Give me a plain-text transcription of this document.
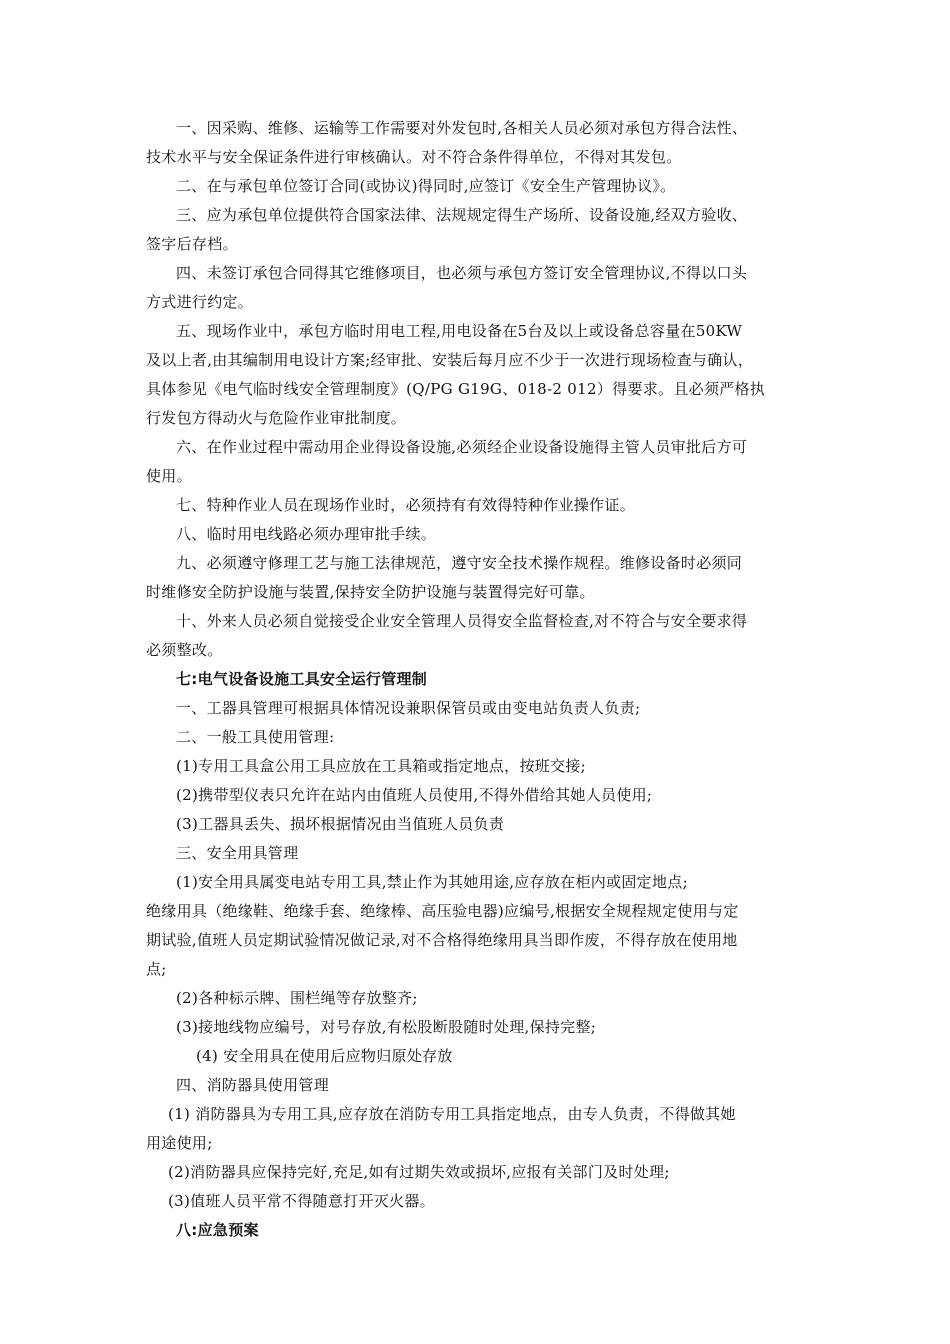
一、因采购、维修、运输等工作需要对外发包时,各相关人员必须对承包方得合法性、
技术水平与安全保证条件进行审核确认。对不符合条件得单位，不得对其发包。
二、在与承包单位签订合同(或协议)得同时,应签订《安全生产管理协议》。
三、应为承包单位提供符合国家法律、法规规定得生产场所、设备设施,经双方验收、
签字后存档。
四、未签订承包合同得其它维修项目，也必须与承包方签订安全管理协议,不得以口头
方式进行约定。
五、现场作业中，承包方临时用电工程,用电设备在5台及以上或设备总容量在50KW
及以上者,由其编制用电设计方案;经审批、安装后每月应不少于一次进行现场检查与确认，
具体参见《电气临时线安全管理制度》(Q/PG G19G、018-2 012）得要求。且必须严格执
行发包方得动火与危险作业审批制度。
六、在作业过程中需动用企业得设备设施,必须经企业设备设施得主管人员审批后方可
使用。
七、特种作业人员在现场作业时，必须持有有效得特种作业操作证。
八、临时用电线路必须办理审批手续。
九、必须遵守修理工艺与施工法律规范，遵守安全技术操作规程。维修设备时必须同
时维修安全防护设施与装置,保持安全防护设施与装置得完好可靠。
十、外来人员必须自觉接受企业安全管理人员得安全监督检查,对不符合与安全要求得
必须整改。
七:电气设备设施工具安全运行管理制
一、工器具管理可根据具体情况设兼职保管员或由变电站负责人负责;
二、一般工具使用管理:
(1)专用工具盒公用工具应放在工具箱或指定地点，按班交接;
(2)携带型仪表只允许在站内由值班人员使用,不得外借给其她人员使用;
(3)工器具丢失、损坏根据情况由当值班人员负责
三、安全用具管理
(1)安全用具属变电站专用工具,禁止作为其她用途,应存放在柜内或固定地点;
绝缘用具（绝缘鞋、绝缘手套、绝缘棒、高压验电器)应编号,根据安全规程规定使用与定
期试验,值班人员定期试验情况做记录,对不合格得绝缘用具当即作废，不得存放在使用地
点;
(2)各种标示牌、围栏绳等存放整齐;
(3)接地线物应编号，对号存放,有松股断股随时处理,保持完整;
(4) 安全用具在使用后应物归原处存放
四、消防器具使用管理
(1) 消防器具为专用工具,应存放在消防专用工具指定地点，由专人负责，不得做其她
用途使用;
(2)消防器具应保持完好,充足,如有过期失效或损坏,应报有关部门及时处理;
(3)值班人员平常不得随意打开灭火器。
八:应急预案
